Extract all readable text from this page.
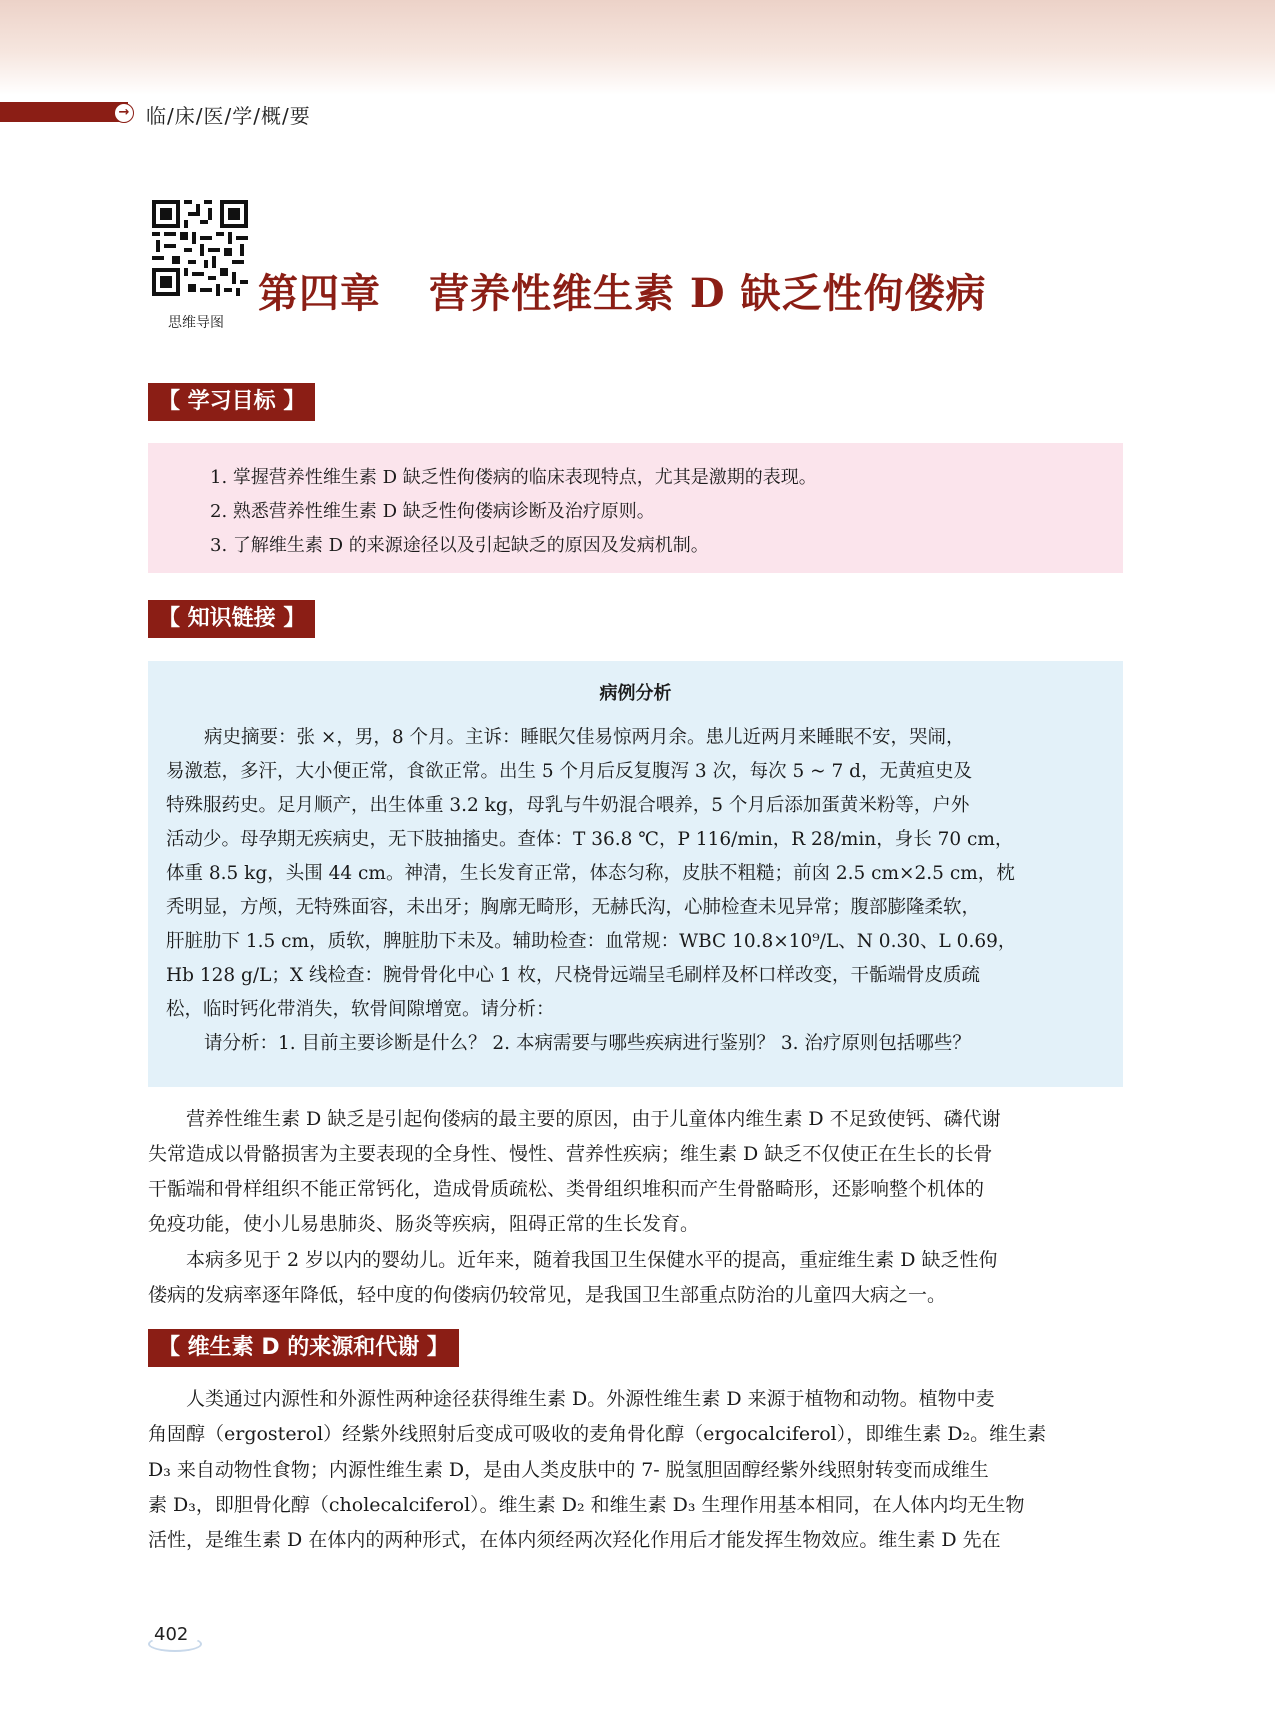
→ 临/床/医/学/概/要
思维导图
第四章 营养性维生素 D 缺乏性佝偻病
【 学习目标 】

1. 掌握营养性维生素 D 缺乏性佝偻病的临床表现特点，尤其是激期的表现。

2. 熟悉营养性维生素 D 缺乏性佝偻病诊断及治疗原则。

3. 了解维生素 D 的来源途径以及引起缺乏的原因及发病机制。

【 知识链接 】
病例分析

病史摘要：张 ×，男，8 个月。主诉：睡眠欠佳易惊两月余。患儿近两月来睡眠不安，哭闹，

易激惹，多汗，大小便正常，食欲正常。出生 5 个月后反复腹泻 3 次，每次 5 ~ 7 d，无黄疸史及

特殊服药史。足月顺产，出生体重 3.2 kg，母乳与牛奶混合喂养，5 个月后添加蛋黄米粉等，户外

活动少。母孕期无疾病史，无下肢抽搐史。查体：T 36.8 ℃，P 116/min，R 28/min，身长 70 cm，

体重 8.5 kg，头围 44 cm。神清，生长发育正常，体态匀称，皮肤不粗糙；前囟 2.5 cm×2.5 cm，枕

秃明显，方颅，无特殊面容，未出牙；胸廓无畸形，无赫氏沟，心肺检查未见异常；腹部膨隆柔软，

肝脏肋下 1.5 cm，质软，脾脏肋下未及。辅助检查：血常规：WBC 10.8×10⁹/L、N 0.30、L 0.69，

Hb 128 g/L；X 线检查：腕骨骨化中心 1 枚，尺桡骨远端呈毛刷样及杯口样改变，干骺端骨皮质疏

松，临时钙化带消失，软骨间隙增宽。请分析：

请分析：1. 目前主要诊断是什么？ 2. 本病需要与哪些疾病进行鉴别？ 3. 治疗原则包括哪些？

营养性维生素 D 缺乏是引起佝偻病的最主要的原因，由于儿童体内维生素 D 不足致使钙、磷代谢

失常造成以骨骼损害为主要表现的全身性、慢性、营养性疾病；维生素 D 缺乏不仅使正在生长的长骨

干骺端和骨样组织不能正常钙化，造成骨质疏松、类骨组织堆积而产生骨骼畸形，还影响整个机体的

免疫功能，使小儿易患肺炎、肠炎等疾病，阻碍正常的生长发育。

本病多见于 2 岁以内的婴幼儿。近年来，随着我国卫生保健水平的提高，重症维生素 D 缺乏性佝

偻病的发病率逐年降低，轻中度的佝偻病仍较常见，是我国卫生部重点防治的儿童四大病之一。

【 维生素 D 的来源和代谢 】

人类通过内源性和外源性两种途径获得维生素 D。外源性维生素 D 来源于植物和动物。植物中麦

角固醇（ergosterol）经紫外线照射后变成可吸收的麦角骨化醇（ergocalciferol），即维生素 D₂。维生素

D₃ 来自动物性食物；内源性维生素 D，是由人类皮肤中的 7- 脱氢胆固醇经紫外线照射转变而成维生

素 D₃，即胆骨化醇（cholecalciferol）。维生素 D₂ 和维生素 D₃ 生理作用基本相同，在人体内均无生物

活性，是维生素 D 在体内的两种形式，在体内须经两次羟化作用后才能发挥生物效应。维生素 D 先在

402
